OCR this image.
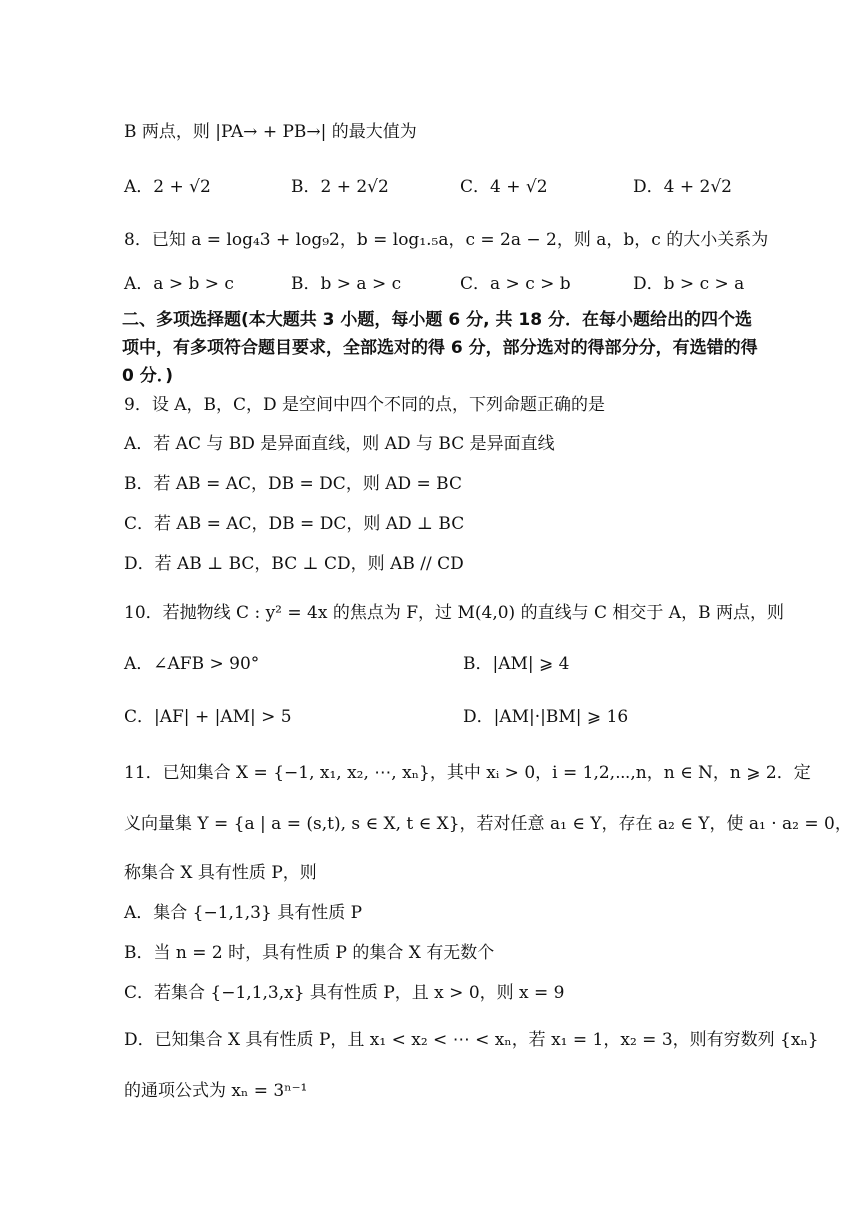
B 两点，则 |PA→ + PB→| 的最大值为
A．2 + √2	B．2 + 2√2	C．4 + √2	D．4 + 2√2
8．已知 a = log₄3 + log₉2，b = log₁.₅a，c = 2a − 2，则 a，b，c 的大小关系为
A．a > b > c	B．b > a > c	C．a > c > b	D．b > c > a
二、多项选择题(本大题共 3 小题，每小题 6 分, 共 18 分．在每小题给出的四个选项中，有多项符合题目要求，全部选对的得 6 分，部分选对的得部分分，有选错的得 0 分．)
9．设 A，B，C，D 是空间中四个不同的点，下列命题正确的是
A．若 AC 与 BD 是异面直线，则 AD 与 BC 是异面直线
B．若 AB = AC，DB = DC，则 AD = BC
C．若 AB = AC，DB = DC，则 AD ⊥ BC
D．若 AB ⊥ BC，BC ⊥ CD，则 AB // CD
10．若抛物线 C : y² = 4x 的焦点为 F，过 M(4,0) 的直线与 C 相交于 A，B 两点，则
A．∠AFB > 90°	B．|AM| ⩾ 4
C．|AF| + |AM| > 5	D．|AM|·|BM| ⩾ 16
11．已知集合 X = {−1, x₁, x₂, ⋯, xₙ}，其中 xᵢ > 0，i = 1,2,⋯,n，n ∈ N，n ⩾ 2．定
义向量集 Y = {a | a = (s,t), s ∈ X, t ∈ X}，若对任意 a₁ ∈ Y，存在 a₂ ∈ Y，使 a₁ · a₂ = 0，
称集合 X 具有性质 P，则
A．集合 {−1,1,3} 具有性质 P
B．当 n = 2 时，具有性质 P 的集合 X 有无数个
C．若集合 {−1,1,3,x} 具有性质 P，且 x > 0，则 x = 9
D．已知集合 X 具有性质 P，且 x₁ < x₂ < ⋯ < xₙ，若 x₁ = 1，x₂ = 3，则有穷数列 {xₙ}
的通项公式为 xₙ = 3ⁿ⁻¹
